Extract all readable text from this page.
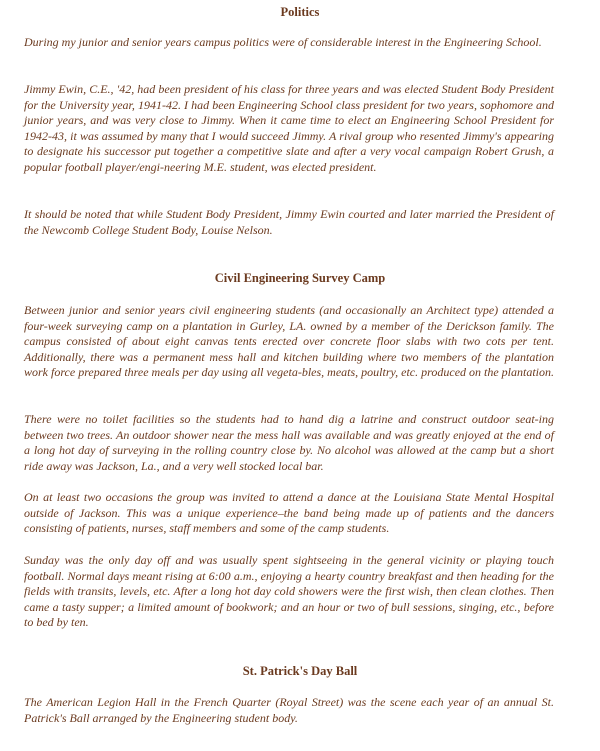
Politics

During my junior and senior years campus politics were of considerable interest in the Engineering School.

Jimmy Ewin, C.E., '42, had been president of his class for three years and was elected Student Body President for the University year, 1941-42. I had been Engineering School class president for two years, sophomore and junior years, and was very close to Jimmy. When it came time to elect an Engineering School President for 1942-43, it was assumed by many that I would succeed Jimmy. A rival group who resented Jimmy's appearing to designate his successor put together a competitive slate and after a very vocal campaign Robert Grush, a popular football player/engi-neering M.E. student, was elected president.

It should be noted that while Student Body President, Jimmy Ewin courted and later married the President of the Newcomb College Student Body, Louise Nelson.

Civil Engineering Survey Camp

Between junior and senior years civil engineering students (and occasionally an Architect type) attended a four-week surveying camp on a plantation in Gurley, LA. owned by a member of the Derickson family. The campus consisted of about eight canvas tents erected over concrete floor slabs with two cots per tent. Additionally, there was a permanent mess hall and kitchen building where two members of the plantation work force prepared three meals per day using all vegeta-bles, meats, poultry, etc. produced on the plantation.

There were no toilet facilities so the students had to hand dig a latrine and construct outdoor seat-ing between two trees. An outdoor shower near the mess hall was available and was greatly enjoyed at the end of a long hot day of surveying in the rolling country close by. No alcohol was allowed at the camp but a short ride away was Jackson, La., and a very well stocked local bar.

On at least two occasions the group was invited to attend a dance at the Louisiana State Mental Hospital outside of Jackson. This was a unique experience–the band being made up of patients and the dancers consisting of patients, nurses, staff members and some of the camp students.

Sunday was the only day off and was usually spent sightseeing in the general vicinity or playing touch football. Normal days meant rising at 6:00 a.m., enjoying a hearty country breakfast and then heading for the fields with transits, levels, etc. After a long hot day cold showers were the first wish, then clean clothes. Then came a tasty supper; a limited amount of bookwork; and an hour or two of bull sessions, singing, etc., before to bed by ten.

St. Patrick's Day Ball

The American Legion Hall in the French Quarter (Royal Street) was the scene each year of an annual St. Patrick's Ball arranged by the Engineering student body.
